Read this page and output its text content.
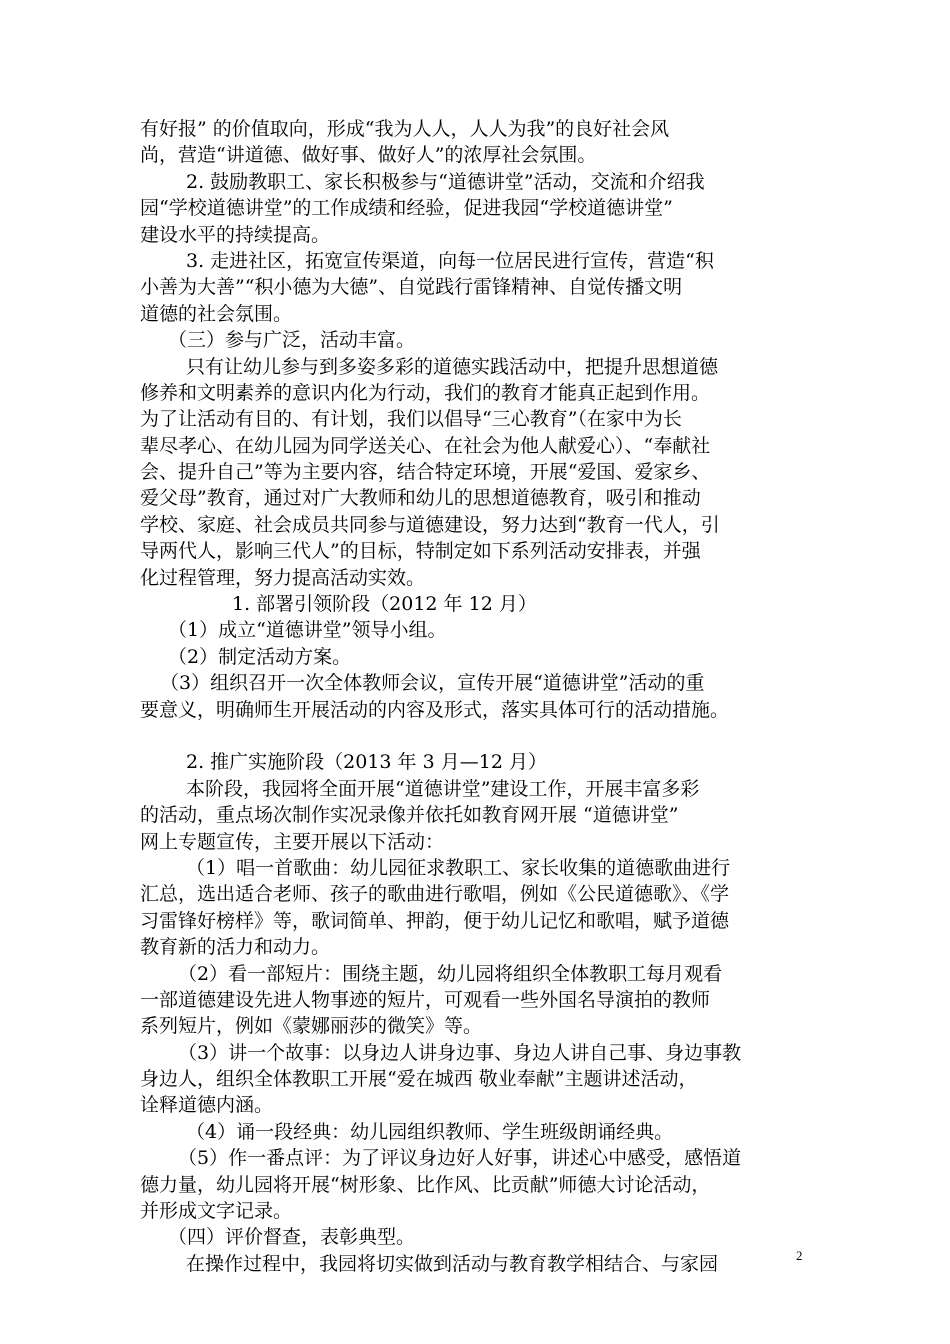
有好报” 的价值取向，形成“我为人人，人人为我”的良好社会风
尚，营造“讲道德、做好事、做好人”的浓厚社会氛围。
2. 鼓励教职工、家长积极参与“道德讲堂”活动，交流和介绍我
园“学校道德讲堂”的工作成绩和经验，促进我园“学校道德讲堂”
建设水平的持续提高。
3. 走进社区，拓宽宣传渠道，向每一位居民进行宣传，营造“积
小善为大善”“积小德为大德”、自觉践行雷锋精神、自觉传播文明
道德的社会氛围。
（三）参与广泛，活动丰富。
只有让幼儿参与到多姿多彩的道德实践活动中，把提升思想道德
修养和文明素养的意识内化为行动，我们的教育才能真正起到作用。
为了让活动有目的、有计划，我们以倡导“三心教育”（在家中为长
辈尽孝心、在幼儿园为同学送关心、在社会为他人献爱心）、“奉献社
会、提升自己”等为主要内容，结合特定环境，开展“爱国、爱家乡、
爱父母”教育，通过对广大教师和幼儿的思想道德教育，吸引和推动
学校、家庭、社会成员共同参与道德建设，努力达到“教育一代人，引
导两代人，影响三代人”的目标，特制定如下系列活动安排表，并强
化过程管理，努力提高活动实效。
1. 部署引领阶段（2012 年 12 月）
（1）成立“道德讲堂”领导小组。
（2）制定活动方案。
（3）组织召开一次全体教师会议，宣传开展“道德讲堂”活动的重
要意义，明确师生开展活动的内容及形式，落实具体可行的活动措施。
2. 推广实施阶段（2013 年 3 月—12 月）
本阶段，我园将全面开展“道德讲堂”建设工作，开展丰富多彩
的活动，重点场次制作实况录像并依托如教育网开展 “道德讲堂”
网上专题宣传，主要开展以下活动：
（1）唱一首歌曲：幼儿园征求教职工、家长收集的道德歌曲进行
汇总，选出适合老师、孩子的歌曲进行歌唱，例如《公民道德歌》、《学
习雷锋好榜样》等，歌词简单、押韵，便于幼儿记忆和歌唱，赋予道德
教育新的活力和动力。
（2）看一部短片：围绕主题，幼儿园将组织全体教职工每月观看
一部道德建设先进人物事迹的短片，可观看一些外国名导演拍的教师
系列短片，例如《蒙娜丽莎的微笑》等。
（3）讲一个故事：以身边人讲身边事、身边人讲自己事、身边事教
身边人，组织全体教职工开展“爱在城西 敬业奉献”主题讲述活动，
诠释道德内涵。
（4）诵一段经典：幼儿园组织教师、学生班级朗诵经典。
（5）作一番点评：为了评议身边好人好事，讲述心中感受，感悟道
德力量，幼儿园将开展“树形象、比作风、比贡献”师德大讨论活动，
并形成文字记录。
（四）评价督查，表彰典型。
在操作过程中，我园将切实做到活动与教育教学相结合、与家园	2
